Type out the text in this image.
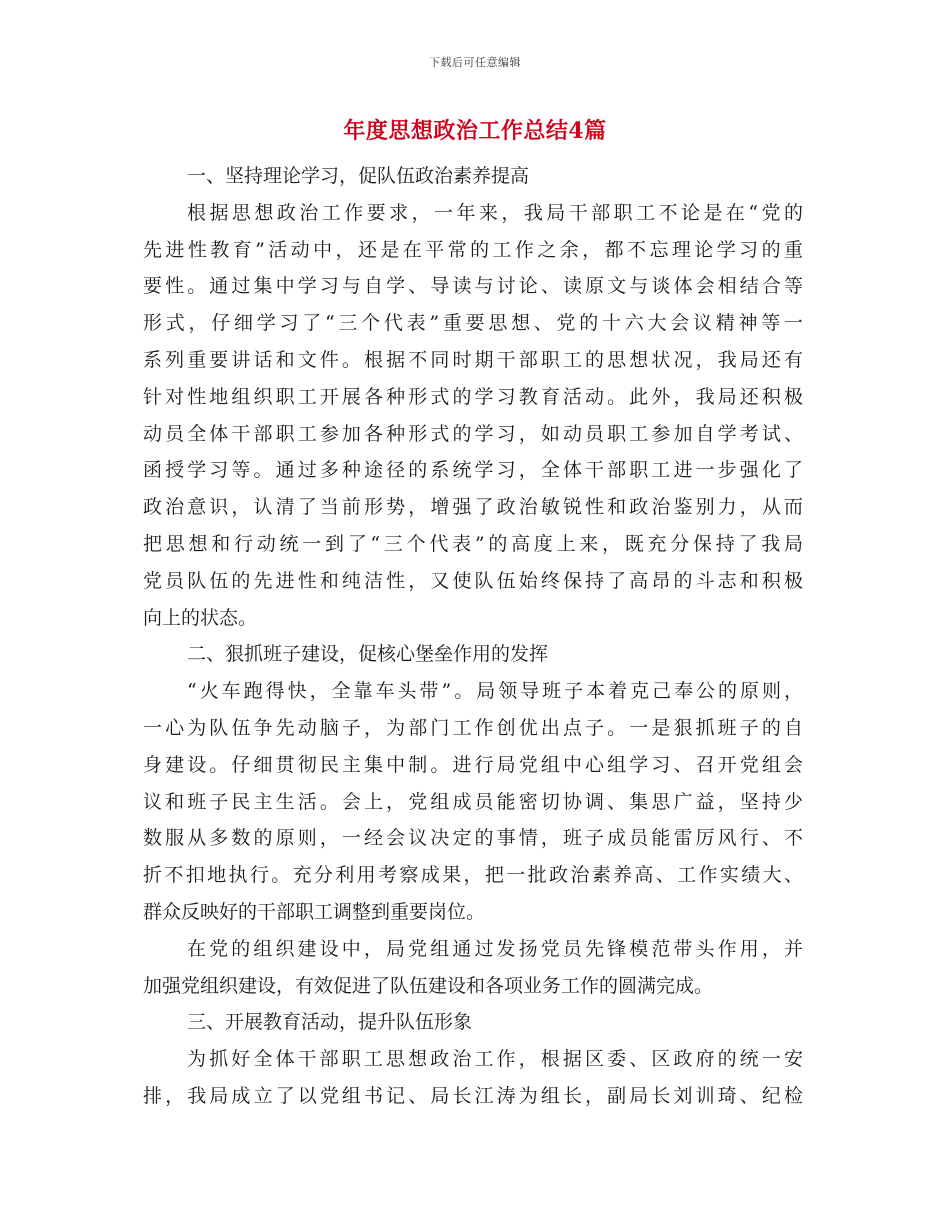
下载后可任意编辑
年度思想政治工作总结4篇
一、坚持理论学习，促队伍政治素养提高
根据思想政治工作要求，一年来，我局干部职工不论是在“党的
先进性教育”活动中，还是在平常的工作之余，都不忘理论学习的重
要性。通过集中学习与自学、导读与讨论、读原文与谈体会相结合等
形式，仔细学习了“三个代表”重要思想、党的十六大会议精神等一
系列重要讲话和文件。根据不同时期干部职工的思想状况，我局还有
针对性地组织职工开展各种形式的学习教育活动。此外，我局还积极
动员全体干部职工参加各种形式的学习，如动员职工参加自学考试、
函授学习等。通过多种途径的系统学习，全体干部职工进一步强化了
政治意识，认清了当前形势，增强了政治敏锐性和政治鉴别力，从而
把思想和行动统一到了“三个代表”的高度上来，既充分保持了我局
党员队伍的先进性和纯洁性，又使队伍始终保持了高昂的斗志和积极
向上的状态。
二、狠抓班子建设，促核心堡垒作用的发挥
“火车跑得快，全靠车头带”。局领导班子本着克己奉公的原则，
一心为队伍争先动脑子，为部门工作创优出点子。一是狠抓班子的自
身建设。仔细贯彻民主集中制。进行局党组中心组学习、召开党组会
议和班子民主生活。会上，党组成员能密切协调、集思广益，坚持少
数服从多数的原则，一经会议决定的事情，班子成员能雷厉风行、不
折不扣地执行。充分利用考察成果，把一批政治素养高、工作实绩大、
群众反映好的干部职工调整到重要岗位。
在党的组织建设中，局党组通过发扬党员先锋模范带头作用，并
加强党组织建设，有效促进了队伍建设和各项业务工作的圆满完成。
三、开展教育活动，提升队伍形象
为抓好全体干部职工思想政治工作，根据区委、区政府的统一安
排，我局成立了以党组书记、局长江涛为组长，副局长刘训琦、纪检
